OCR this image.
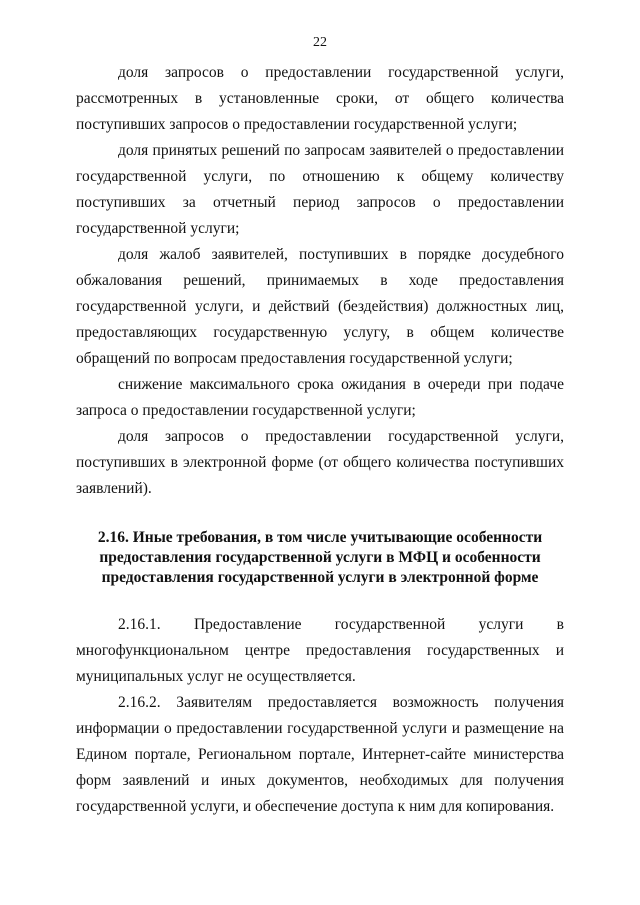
22

доля запросов о предоставлении государственной услуги, рассмотренных в установленные сроки, от общего количества поступивших запросов о предоставлении государственной услуги;

доля принятых решений по запросам заявителей о предоставлении государственной услуги, по отношению к общему количеству поступивших за отчетный период запросов о предоставлении государственной услуги;

доля жалоб заявителей, поступивших в порядке досудебного обжалования решений, принимаемых в ходе предоставления государственной услуги, и действий (бездействия) должностных лиц, предоставляющих государственную услугу, в общем количестве обращений по вопросам предоставления государственной услуги;

снижение максимального срока ожидания в очереди при подаче запроса о предоставлении государственной услуги;

доля запросов о предоставлении государственной услуги, поступивших в электронной форме (от общего количества поступивших заявлений).

2.16. Иные требования, в том числе учитывающие особенности
предоставления государственной услуги в МФЦ и особенности
предоставления государственной услуги в электронной форме

2.16.1. Предоставление государственной услуги в многофункциональном центре предоставления государственных и муниципальных услуг не осуществляется.

2.16.2. Заявителям предоставляется возможность получения информации о предоставлении государственной услуги и размещение на Едином портале, Региональном портале, Интернет-сайте министерства форм заявлений и иных документов, необходимых для получения государственной услуги, и обеспечение доступа к ним для копирования.
